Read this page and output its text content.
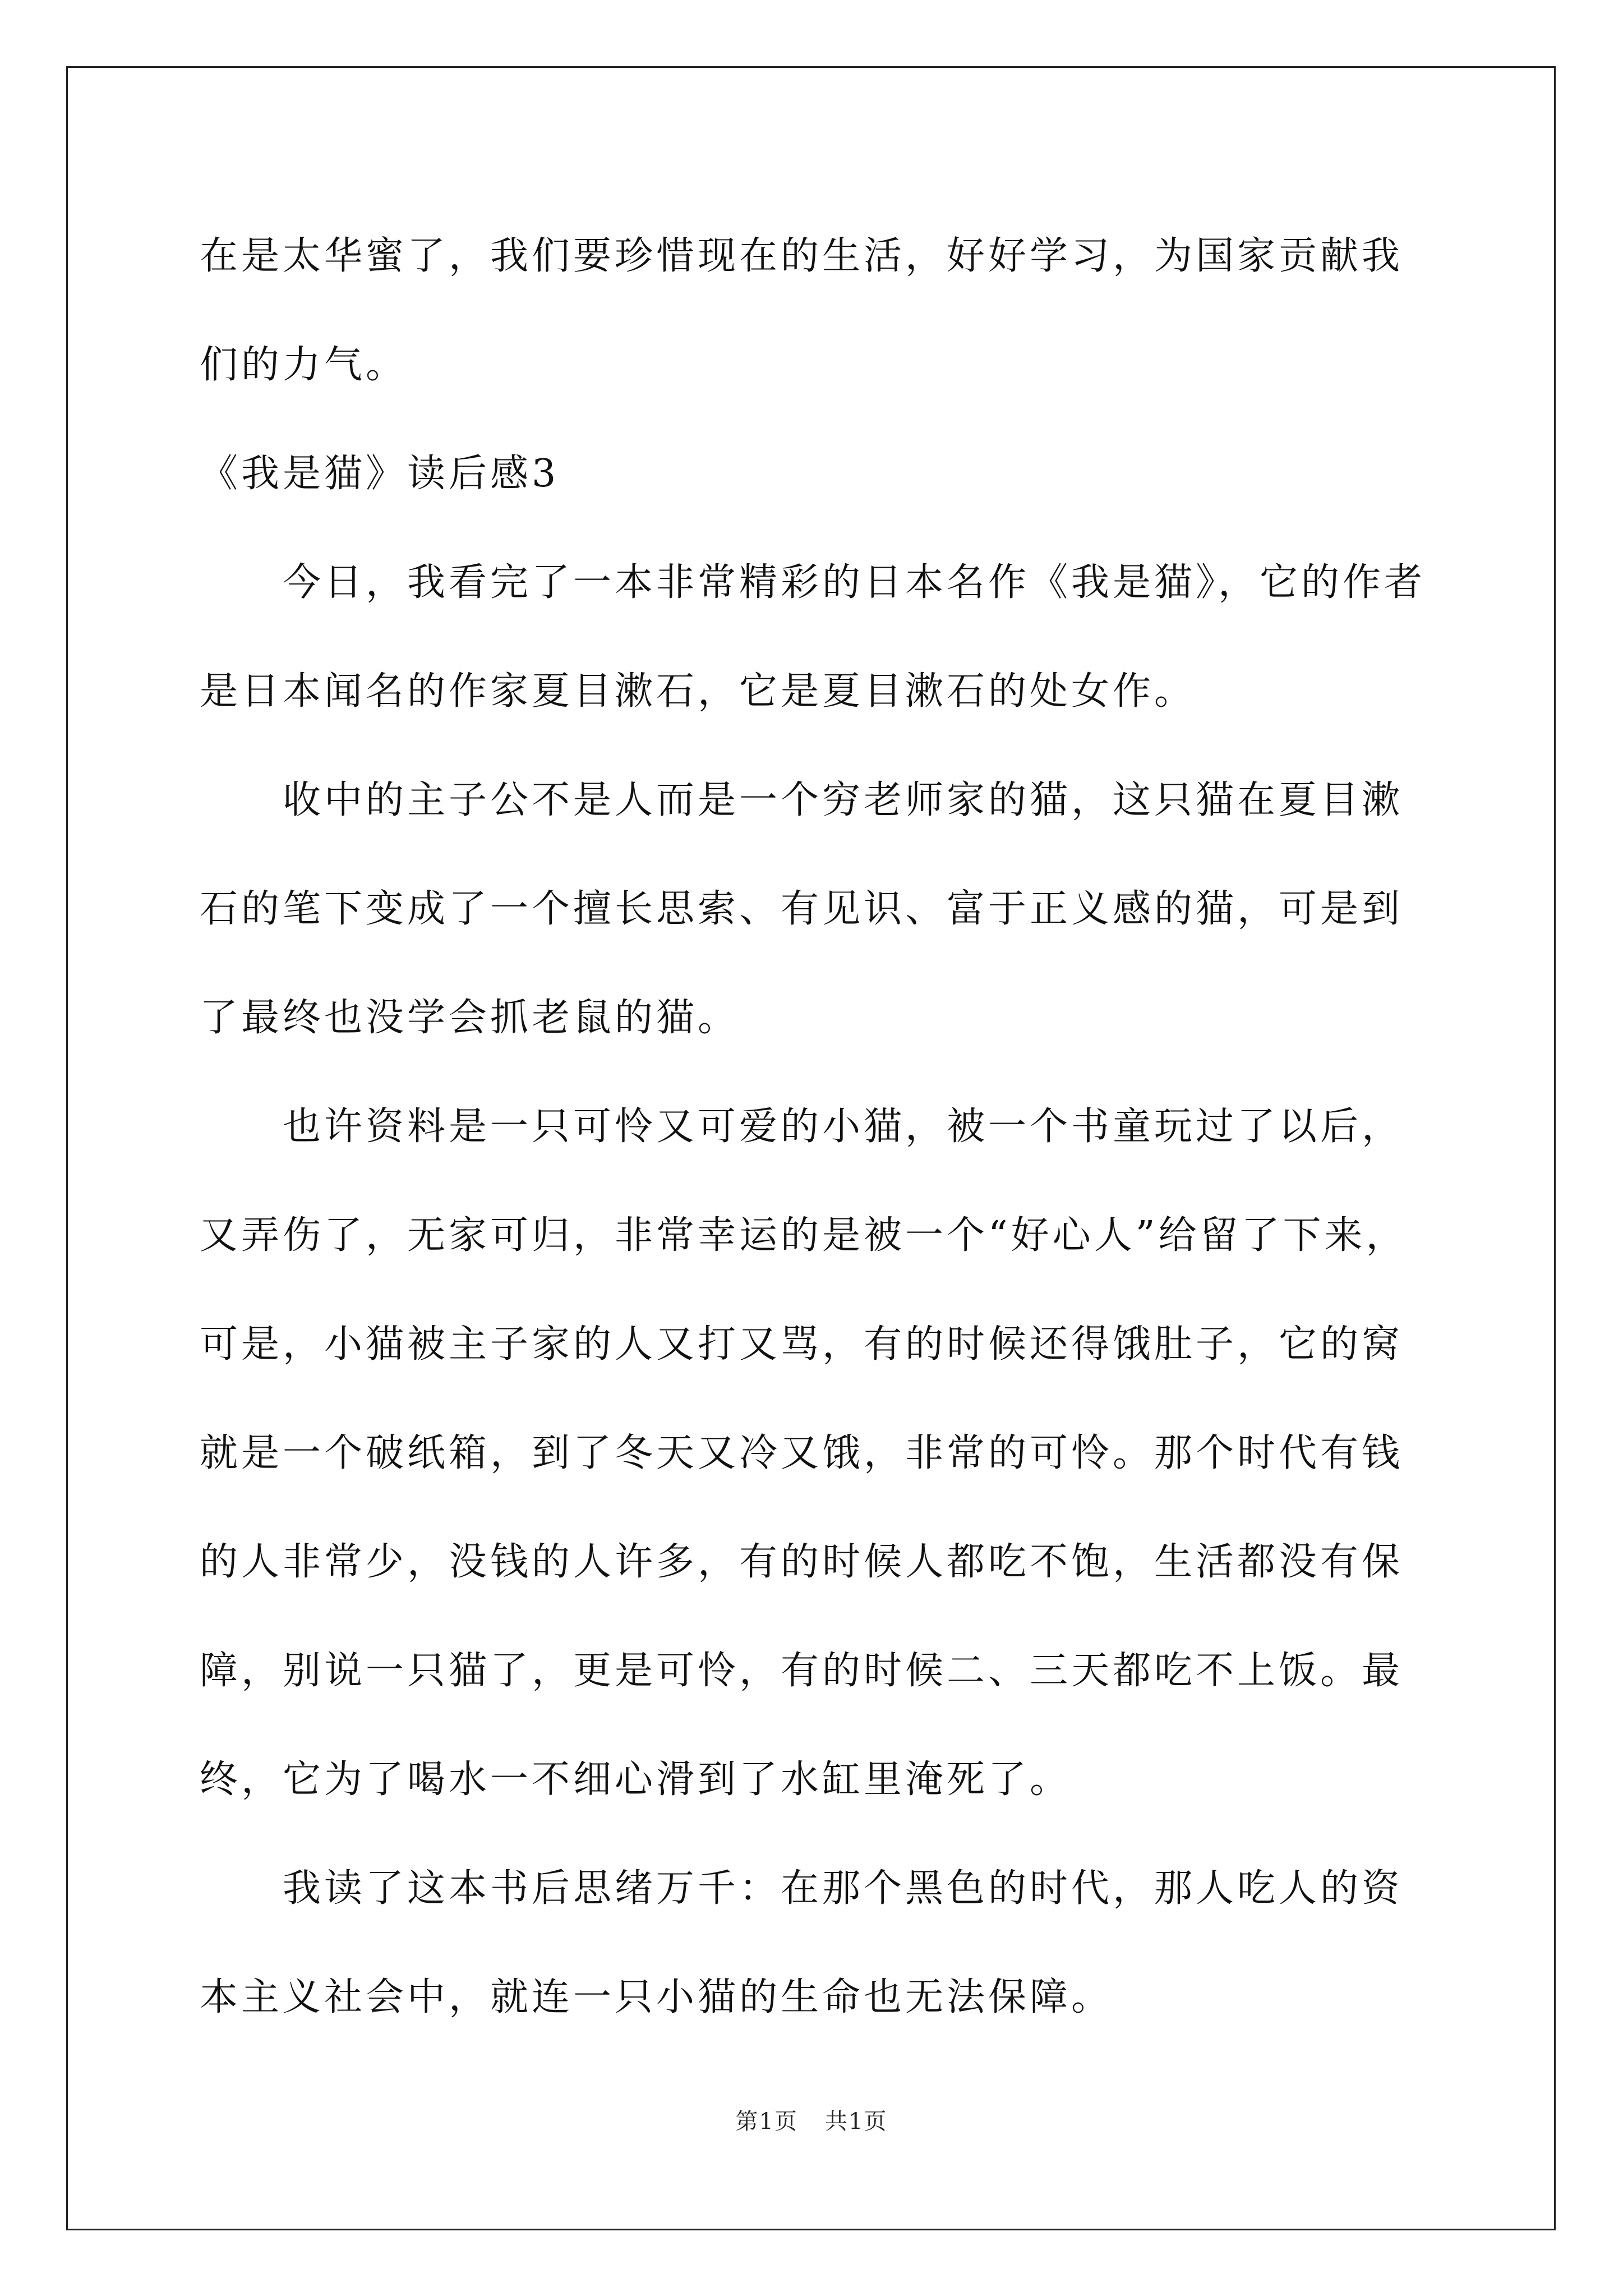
在是太华蜜了，我们要珍惜现在的生活，好好学习，为国家贡献我们的力气。

《我是猫》读后感3

今日，我看完了一本非常精彩的日本名作《我是猫》，它的作者是日本闻名的作家夏目漱石，它是夏目漱石的处女作。

收中的主子公不是人而是一个穷老师家的猫，这只猫在夏目漱石的笔下变成了一个擅长思索、有见识、富于正义感的猫，可是到了最终也没学会抓老鼠的猫。

也许资料是一只可怜又可爱的小猫，被一个书童玩过了以后，又弄伤了，无家可归，非常幸运的是被一个“好心人”给留了下来，可是，小猫被主子家的人又打又骂，有的时候还得饿肚子，它的窝就是一个破纸箱，到了冬天又冷又饿，非常的可怜。那个时代有钱的人非常少，没钱的人许多，有的时候人都吃不饱，生活都没有保障，别说一只猫了，更是可怜，有的时候二、三天都吃不上饭。最终，它为了喝水一不细心滑到了水缸里淹死了。

我读了这本书后思绪万千：在那个黑色的时代，那人吃人的资本主义社会中，就连一只小猫的生命也无法保障。

第1页 共1页
